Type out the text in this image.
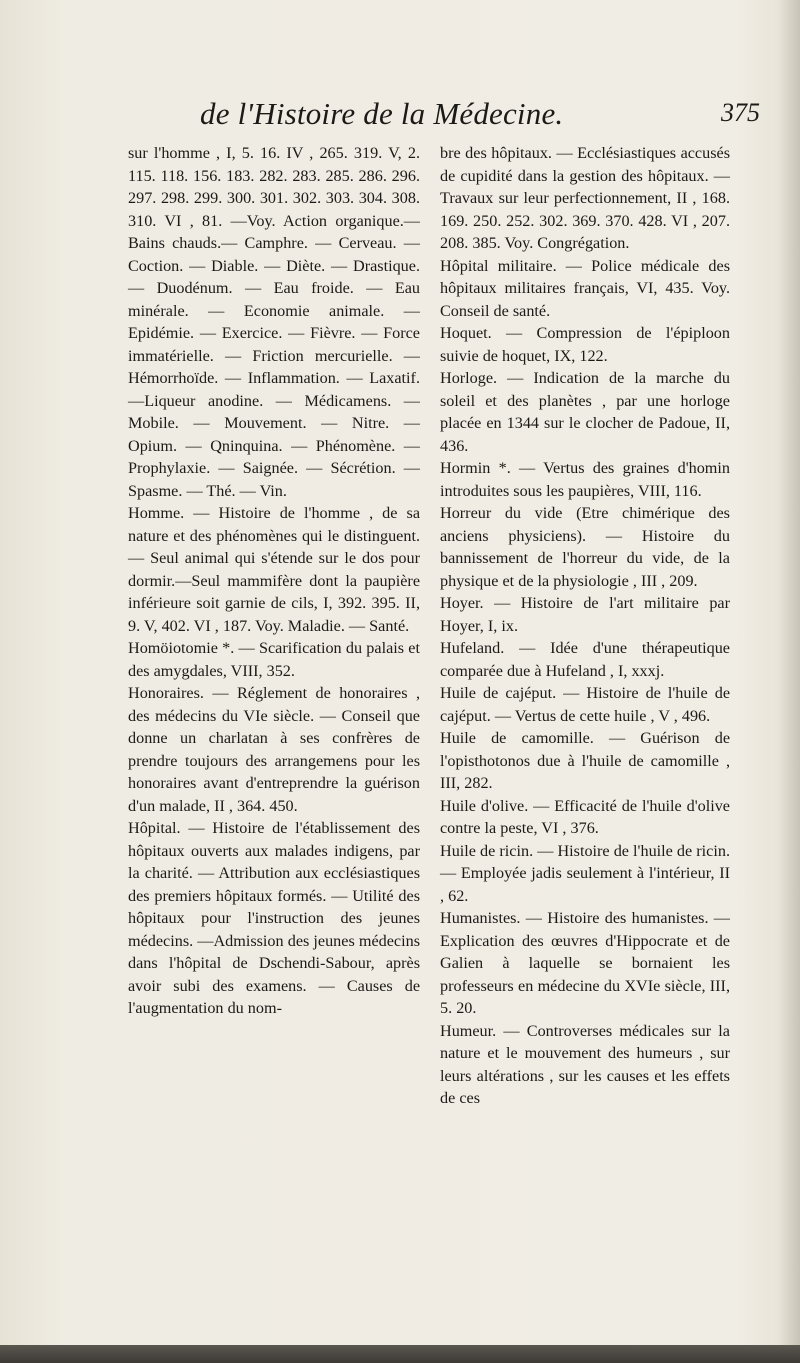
de l'Histoire de la Médecine.	375

sur l'homme , I, 5. 16. IV , 265. 319. V, 2. 115. 118. 156. 183. 282. 283. 285. 286. 296. 297. 298. 299. 300. 301. 302. 303. 304. 308. 310. VI , 81. —Voy. Action organique.—Bains chauds.— Camphre. — Cerveau. — Coction. — Diable. — Diète. — Drastique. — Duodénum. — Eau froide. — Eau minérale. — Economie animale. — Epidémie. — Exercice. — Fièvre. — Force immatérielle. — Friction mercurielle. — Hémorrhoïde. — Inflammation. — Laxatif.—Liqueur anodine. — Médicamens. — Mobile. — Mouvement. — Nitre. — Opium. — Qninquina. — Phénomène. — Prophylaxie. — Saignée. — Sécrétion. — Spasme. — Thé. — Vin.

Homme. — Histoire de l'homme , de sa nature et des phénomènes qui le distinguent. — Seul animal qui s'étende sur le dos pour dormir.—Seul mammifère dont la paupière inférieure soit garnie de cils, I, 392. 395. II, 9. V, 402. VI , 187. Voy. Maladie. — Santé.

Homöiotomie *. — Scarification du palais et des amygdales, VIII, 352.

Honoraires. — Réglement de honoraires , des médecins du VIe siècle. — Conseil que donne un charlatan à ses confrères de prendre toujours des arrangemens pour les honoraires avant d'entreprendre la guérison d'un malade, II , 364. 450.

Hôpital. — Histoire de l'établissement des hôpitaux ouverts aux malades indigens, par la charité. — Attribution aux ecclésiastiques des premiers hôpitaux formés. — Utilité des hôpitaux pour l'instruction des jeunes médecins. —Admission des jeunes médecins dans l'hôpital de Dschendi-Sabour, après avoir subi des examens. — Causes de l'augmentation du nom-

bre des hôpitaux. — Ecclésiastiques accusés de cupidité dans la gestion des hôpitaux. — Travaux sur leur perfectionnement, II , 168. 169. 250. 252. 302. 369. 370. 428. VI , 207. 208. 385. Voy. Congrégation.

Hôpital militaire. — Police médicale des hôpitaux militaires français, VI, 435. Voy. Conseil de santé.

Hoquet. — Compression de l'épiploon suivie de hoquet, IX, 122.

Horloge. — Indication de la marche du soleil et des planètes , par une horloge placée en 1344 sur le clocher de Padoue, II, 436.

Hormin *. — Vertus des graines d'homin introduites sous les paupières, VIII, 116.

Horreur du vide (Etre chimérique des anciens physiciens). — Histoire du bannissement de l'horreur du vide, de la physique et de la physiologie , III , 209.

Hoyer. — Histoire de l'art militaire par Hoyer, I, ix.

Hufeland. — Idée d'une thérapeutique comparée due à Hufeland , I, xxxj.

Huile de cajéput. — Histoire de l'huile de cajéput. — Vertus de cette huile , V , 496.

Huile de camomille. — Guérison de l'opisthotonos due à l'huile de camomille , III, 282.

Huile d'olive. — Efficacité de l'huile d'olive contre la peste, VI , 376.

Huile de ricin. — Histoire de l'huile de ricin. — Employée jadis seulement à l'intérieur, II , 62.

Humanistes. — Histoire des humanistes. — Explication des œuvres d'Hippocrate et de Galien à laquelle se bornaient les professeurs en médecine du XVIe siècle, III, 5. 20.

Humeur. — Controverses médicales sur la nature et le mouvement des humeurs , sur leurs altérations , sur les causes et les effets de ces
